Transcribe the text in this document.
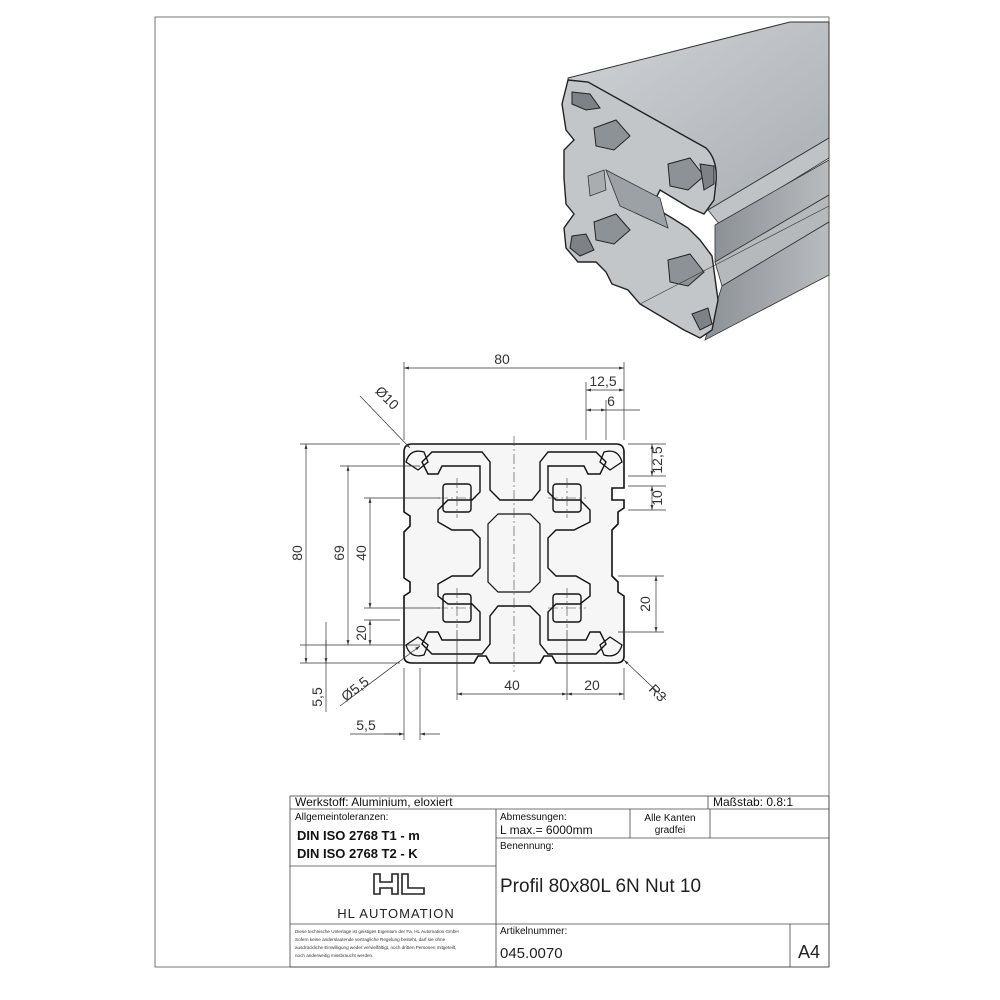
80
12,5
6
Ø10
12,5
10
20
80 69 40
20
40	20	R3
Ø5,5
5,5
5,5
Werkstoff: Aluminium, eloxiert	Maßstab: 0.8:1
Allgemeintoleranzen:
DIN ISO 2768 T1 - m
DIN ISO 2768 T2 - K
Abmessungen:
L max.= 6000mm
Alle Kanten
gradfei
Benennung:
Profil 80x80L 6N Nut 10
HL AUTOMATION
Diese technische Unterlage ist geistiges Eigentum der Fa. HL Automation GmbH
Sofern keine anderslautende vertragliche Regelung besteht, darf sie ohne
ausdrückliche Einwilligung weder vervielfältigt, noch dritten Personen mitgeteilt,
noch anderweitig missbraucht werden.
Artikelnummer:
045.0070	A4
